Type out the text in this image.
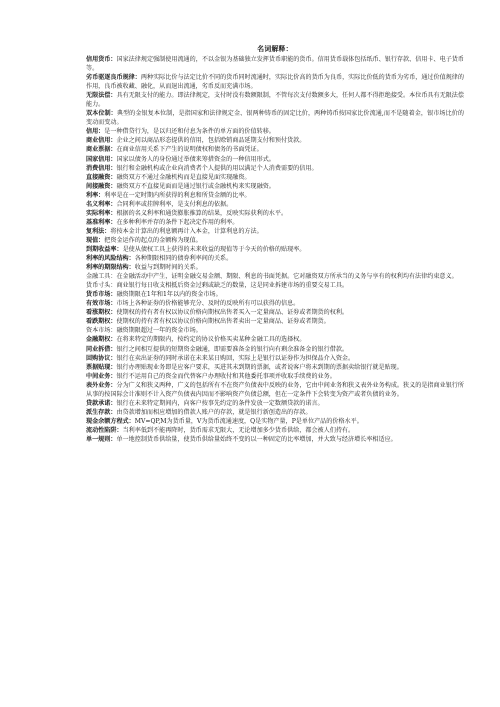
名词解释：

信用货币：国家法律规定强制使用流通的，不以金银为基础独立发挥货币职能的货币。信用货币载体包括纸币、银行存款、信用卡、电子货币等。

劣币驱逐良币规律：两种实际比价与法定比价不同的货币同时流通时，实际比价高的货币为良币，实际比价低的货币为劣币，通过价值规律的作用，良币被收藏、融化，从而退出流通，劣币反而充满市场。

无限法偿：具有无限支付的能力。即法律规定，支付时没有数额限制，不管每次支付数额多大，任何人都不得拒绝接受。本位币具有无限法偿能力。

双本位制：典型的金银复本位制，是指国家和法律规定金、银两种铸币的固定比价，两种铸币按国家比价流通,而不是随着金，银市场比价的变动而变动。

信用：是一种借贷行为，是以归还和付息为条件的单方面的价值转移。

商业信用：企业之间以商品形态提供的信用，包括赊销商品延期支付和预付货款。

商业票据：在商业信用关系下产生的说明债权和债务的书面凭证。

国家信用：国家以债务人的身份通过举债来筹措资金的一种信用形式。

消费信用：银行和金融机构或企业向消费者个人提供的用以满足个人消费需要的信用。

直接融资：融资双方不通过金融机构而是直接见面实现融资。

间接融资：融资双方不直接见面而是通过银行或金融机构来实现融资。

利率：利率是在一定时期内所获得的利息和所贷金额的比率。

名义利率：合同利率或挂牌利率，是支付利息的依据。

实际利率：根据的名义利率和通货膨胀推算的结果，反映实际获利的水平。

基准利率：在多种利率并存的条件下起决定作用的利率。

复利法：将按本金计算出的利息额再计入本金，计算利息的方法。

现值：把资金运作的起点的金额称为现值。

到期收益率：是使从债权工具上获得的未来收益的现值等于今天的价格的贴现率。

利率的风险结构：各种期限相同的债券利率间的关系。

利率的期限结构：收益与到期时间的关系。

金融工具：在金融活动中产生，证明金融交易金额、期限、利息的书面凭据。它对融资双方所承当的义务与享有的权利均有法律约束意义。

货币寸头：商业银行每日收支相抵后资金过剩或缺乏的数量，这是同业拆建市场的重要交易工具。

货币市场：融资期限在1年和1年以内的资金市场。

有效市场：市场上各种证券的价格能够充分、及时的反映所有可以获得的信息。

看涨期权：使期权的持有者有权以协议价格向期权出售者买入一定量商品、证券或者期货的权利。

看跌期权：使期权的持有者有权以协议价格向期权出售者卖出一定量商品、证券或者期货。

资本市场：融资期限超过一年的资金市场。

金融期权：在将来特定的期限内，按约定的协议价格买卖某种金融工具的选择权。

同业拆借：银行之间相互提供的短期资金融通，即需要准备金的银行向有剩余准备金的银行借款。

回购协议：银行在卖出证券的同时承诺在未来某日购回，实际上是银行以证券作为担保品介入资金。

票据贴现：银行办理贴现业务即是应客户要求，买进其未到期的票据，或者说客户将未到期的票据卖给银行就是贴现。

中间业务：银行不运用自己的资金而代替客户办理收付和其他委托事项并收取手续费的业务。

表外业务：分为广义和狭义两种，广义的包括所有不在资产负债表中反映的业务，它由中间业务和狭义表外业务构成。狭义的是指商业银行所从事的按国际会计准则不计入资产负债表内因而不影响资产负债总额，但在一定条件下会转变为资产或者负债的业务。

贷款承诺：银行在未来特定期间内，向客户按事先约定的条件发放一定数额贷款的诺言。

派生存款：由贷款增加而相应增加的借款人账户的存款，就是银行新创造出的存款。

现金余额方程式：MV=QP,M为货币量，V为货币流通速度，Q是实物产量，P是单位产品的价格水平。

流动性陷阱：当利率低到不能再降时，货币需求无限大，无论增加多少货币供给，都会被人们持有。

单一规则：单一地控制货币供给量，使货币供给量始终不变的以一种固定的比率增加，并大致与经济增长率相适应。
